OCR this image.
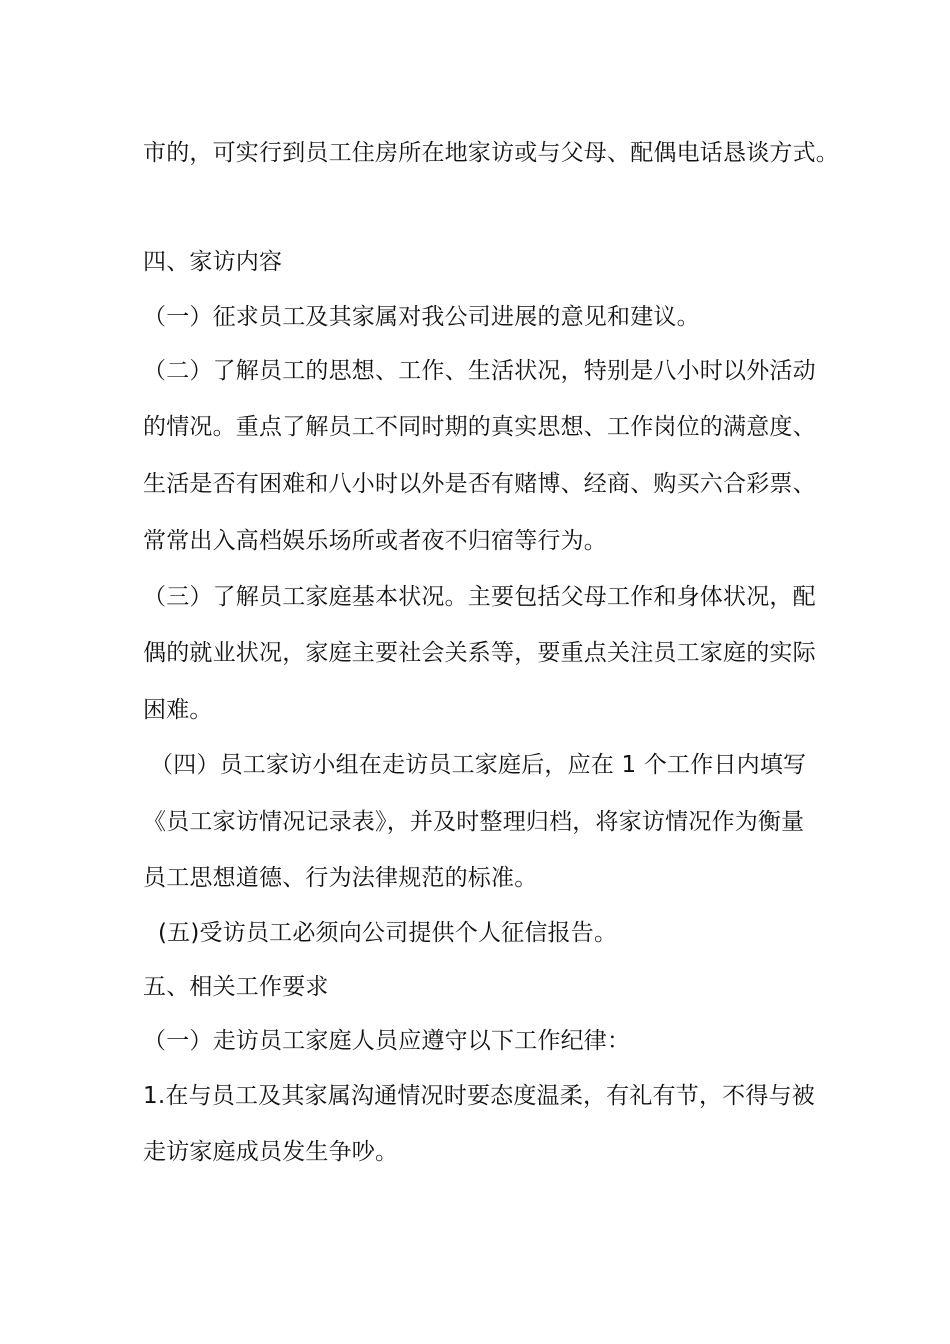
市的，可实行到员工住房所在地家访或与父母、配偶电话恳谈方式。
四、家访内容
（一）征求员工及其家属对我公司进展的意见和建议。
（二）了解员工的思想、工作、生活状况，特别是八小时以外活动
的情况。重点了解员工不同时期的真实思想、工作岗位的满意度、
生活是否有困难和八小时以外是否有赌博、经商、购买六合彩票、
常常出入高档娱乐场所或者夜不归宿等行为。
（三）了解员工家庭基本状况。主要包括父母工作和身体状况，配
偶的就业状况，家庭主要社会关系等，要重点关注员工家庭的实际
困难。
（四）员工家访小组在走访员工家庭后，应在 1 个工作日内填写
《员工家访情况记录表》，并及时整理归档，将家访情况作为衡量
员工思想道德、行为法律规范的标准。
(五)受访员工必须向公司提供个人征信报告。
五、相关工作要求
（一）走访员工家庭人员应遵守以下工作纪律：
1.在与员工及其家属沟通情况时要态度温柔，有礼有节，不得与被
走访家庭成员发生争吵。
